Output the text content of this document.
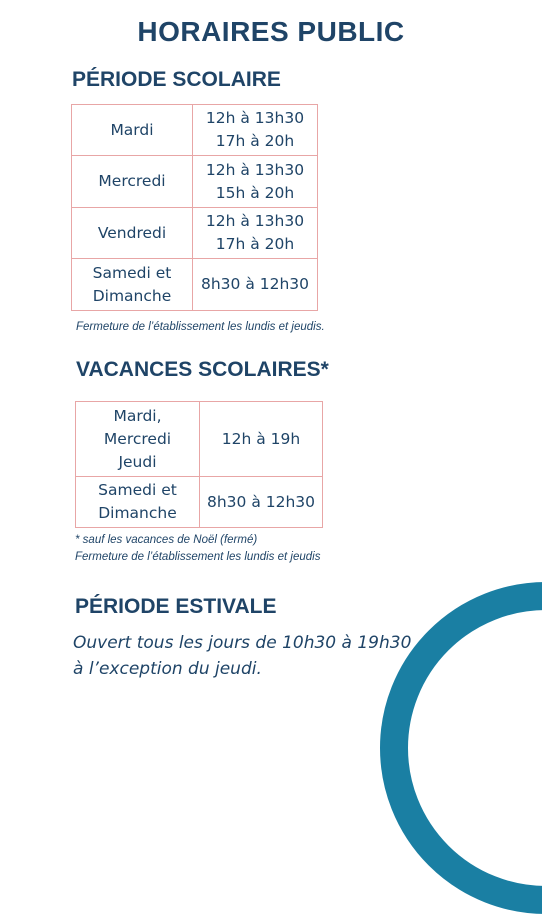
HORAIRES PUBLIC
PÉRIODE SCOLAIRE
Mardi	12h à 13h30
17h à 20h

Mercredi	12h à 13h30
15h à 20h

Vendredi	12h à 13h30
17h à 20h

Samedi et
Dimanche	8h30 à 12h30
Fermeture de l’établissement les lundis et jeudis.
VACANCES SCOLAIRES*
Mardi,
Mercredi
Jeudi	12h à 19h

Samedi et
Dimanche	8h30 à 12h30
* sauf les vacances de Noël (fermé)
Fermeture de l’établissement les lundis et jeudis
PÉRIODE ESTIVALE
Ouvert tous les jours de 10h30 à 19h30
à l’exception du jeudi.
